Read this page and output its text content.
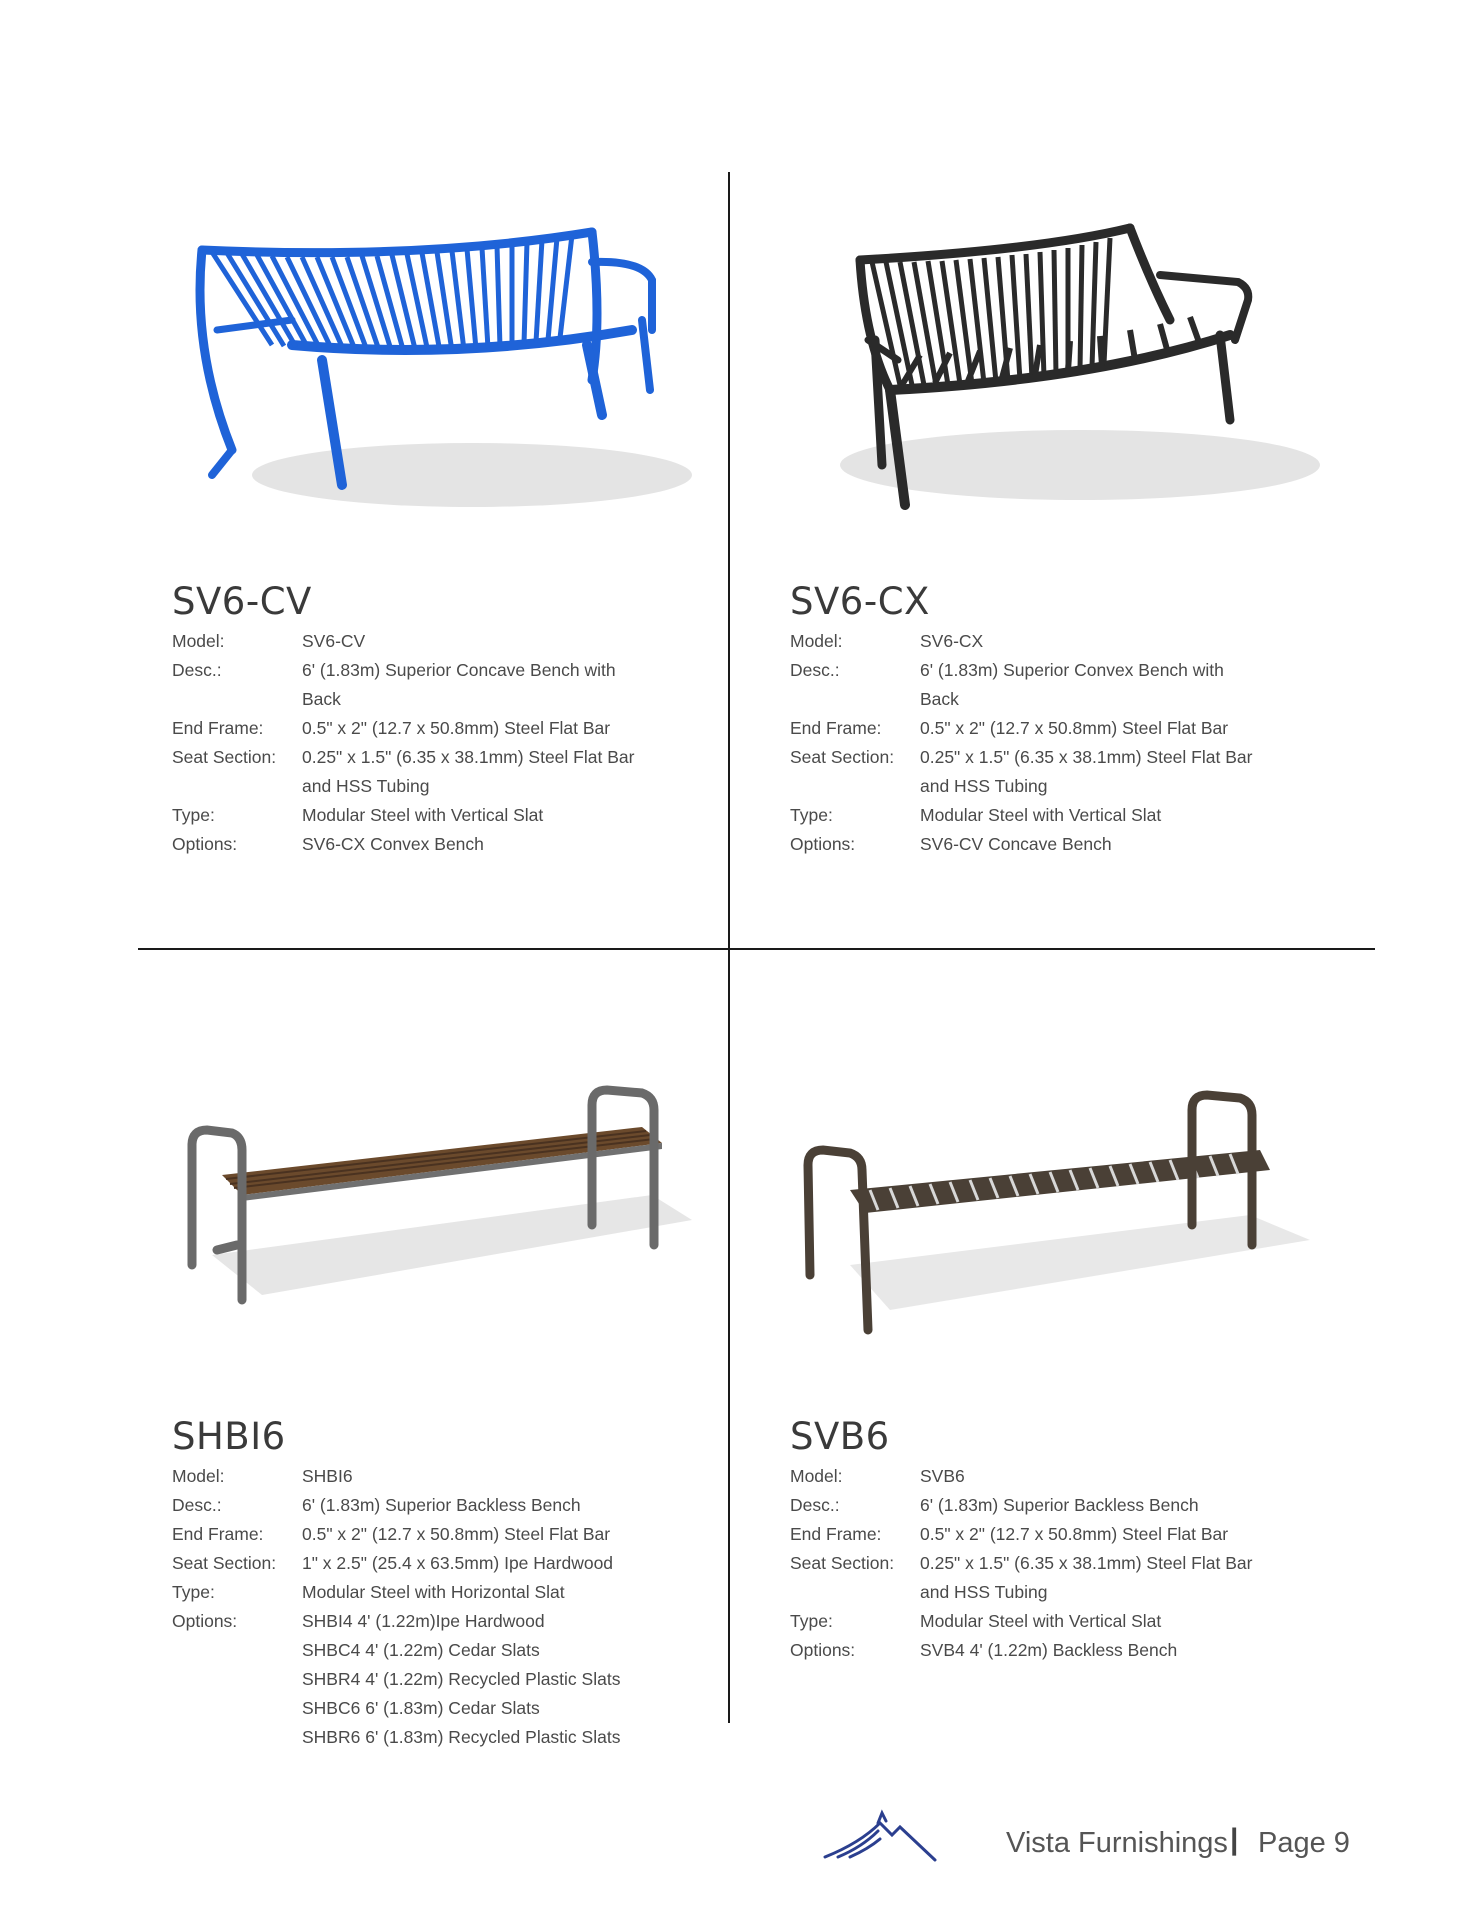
SV6-CV
Model:	SV6-CV
Desc.:	6' (1.83m) Superior Concave Bench with Back
End Frame:	0.5" x 2" (12.7 x 50.8mm) Steel Flat Bar
Seat Section:	0.25" x 1.5" (6.35 x 38.1mm) Steel Flat Bar and HSS Tubing
Type:	Modular Steel with Vertical Slat
Options:	SV6-CX Convex Bench
SV6-CX
Model:	SV6-CX
Desc.:	6' (1.83m) Superior Convex Bench with Back
End Frame:	0.5" x 2" (12.7 x 50.8mm) Steel Flat Bar
Seat Section:	0.25" x 1.5" (6.35 x 38.1mm) Steel Flat Bar and HSS Tubing
Type:	Modular Steel with Vertical Slat
Options:	SV6-CV Concave Bench
SHBI6
Model:	SHBI6
Desc.:	6' (1.83m) Superior Backless Bench
End Frame:	0.5" x 2" (12.7 x 50.8mm) Steel Flat Bar
Seat Section:	1" x 2.5" (25.4 x 63.5mm) Ipe Hardwood
Type:	Modular Steel with Horizontal Slat
Options:	SHBI4 4' (1.22m)Ipe Hardwood
SHBC4 4' (1.22m) Cedar Slats
SHBR4 4' (1.22m) Recycled Plastic Slats
SHBC6 6' (1.83m) Cedar Slats
SHBR6 6' (1.83m) Recycled Plastic Slats
SVB6
Model:	SVB6
Desc.:	6' (1.83m) Superior Backless Bench
End Frame:	0.5" x 2" (12.7 x 50.8mm) Steel Flat Bar
Seat Section:	0.25" x 1.5" (6.35 x 38.1mm) Steel Flat Bar and HSS Tubing
Type:	Modular Steel with Vertical Slat
Options:	SVB4 4' (1.22m) Backless Bench
Vista Furnishings | Page 9
